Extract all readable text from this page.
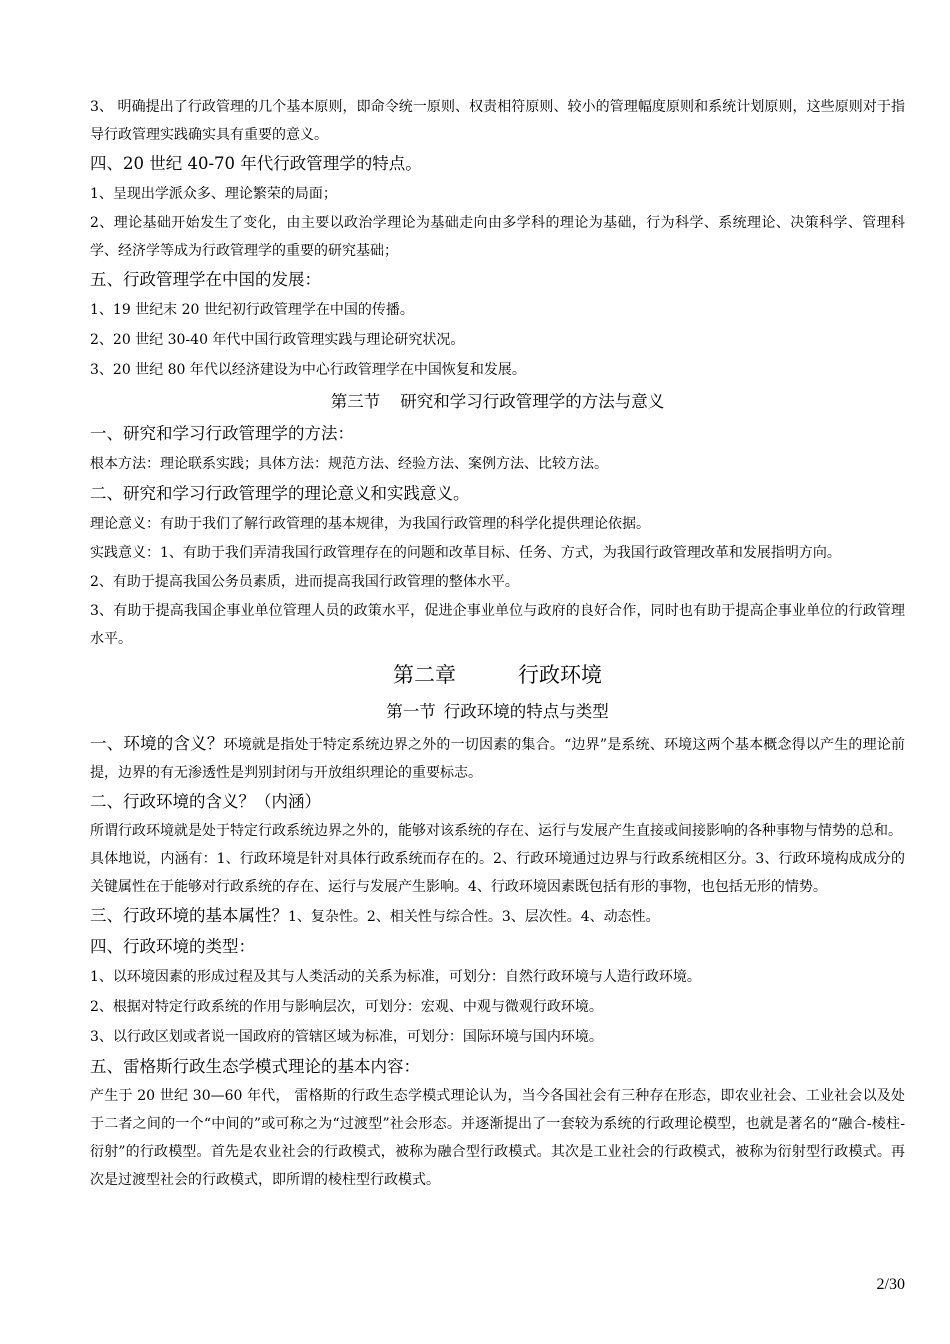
3、 明确提出了行政管理的几个基本原则，即命令统一原则、权责相符原则、较小的管理幅度原则和系统计划原则，这些原则对于指导行政管理实践确实具有重要的意义。

四、20 世纪 40-70 年代行政管理学的特点。

1、呈现出学派众多、理论繁荣的局面；

2、理论基础开始发生了变化，由主要以政治学理论为基础走向由多学科的理论为基础，行为科学、系统理论、决策科学、管理科学、经济学等成为行政管理学的重要的研究基础；

五、行政管理学在中国的发展：

1、19 世纪末 20 世纪初行政管理学在中国的传播。

2、20 世纪 30-40 年代中国行政管理实践与理论研究状况。

3、20 世纪 80 年代以经济建设为中心行政管理学在中国恢复和发展。

第三节 研究和学习行政管理学的方法与意义

一、研究和学习行政管理学的方法：

根本方法：理论联系实践；具体方法：规范方法、经验方法、案例方法、比较方法。

二、研究和学习行政管理学的理论意义和实践意义。

理论意义：有助于我们了解行政管理的基本规律，为我国行政管理的科学化提供理论依据。

实践意义：1、有助于我们弄清我国行政管理存在的问题和改革目标、任务、方式，为我国行政管理改革和发展指明方向。

2、有助于提高我国公务员素质，进而提高我国行政管理的整体水平。

3、有助于提高我国企事业单位管理人员的政策水平，促进企事业单位与政府的良好合作，同时也有助于提高企事业单位的行政管理水平。

第二章	行政环境

第一节 行政环境的特点与类型

一、环境的含义？环境就是指处于特定系统边界之外的一切因素的集合。“边界”是系统、环境这两个基本概念得以产生的理论前提，边界的有无渗透性是判别封闭与开放组织理论的重要标志。

二、行政环境的含义？（内涵）

所谓行政环境就是处于特定行政系统边界之外的，能够对该系统的存在、运行与发展产生直接或间接影响的各种事物与情势的总和。

具体地说，内涵有：1、行政环境是针对具体行政系统而存在的。2、行政环境通过边界与行政系统相区分。3、行政环境构成成分的关键属性在于能够对行政系统的存在、运行与发展产生影响。4、行政环境因素既包括有形的事物，也包括无形的情势。

三、行政环境的基本属性？1、复杂性。2、相关性与综合性。3、层次性。4、动态性。

四、行政环境的类型：

1、以环境因素的形成过程及其与人类活动的关系为标准，可划分：自然行政环境与人造行政环境。

2、根据对特定行政系统的作用与影响层次，可划分：宏观、中观与微观行政环境。

3、以行政区划或者说一国政府的管辖区域为标准，可划分：国际环境与国内环境。

五、雷格斯行政生态学模式理论的基本内容：

产生于 20 世纪 30—60 年代， 雷格斯的行政生态学模式理论认为，当今各国社会有三种存在形态，即农业社会、工业社会以及处于二者之间的一个“中间的”或可称之为“过渡型”社会形态。并逐渐提出了一套较为系统的行政理论模型，也就是著名的“融合-棱柱-衍射”的行政模型。首先是农业社会的行政模式，被称为融合型行政模式。其次是工业社会的行政模式，被称为衍射型行政模式。再次是过渡型社会的行政模式，即所谓的棱柱型行政模式。

2/30
